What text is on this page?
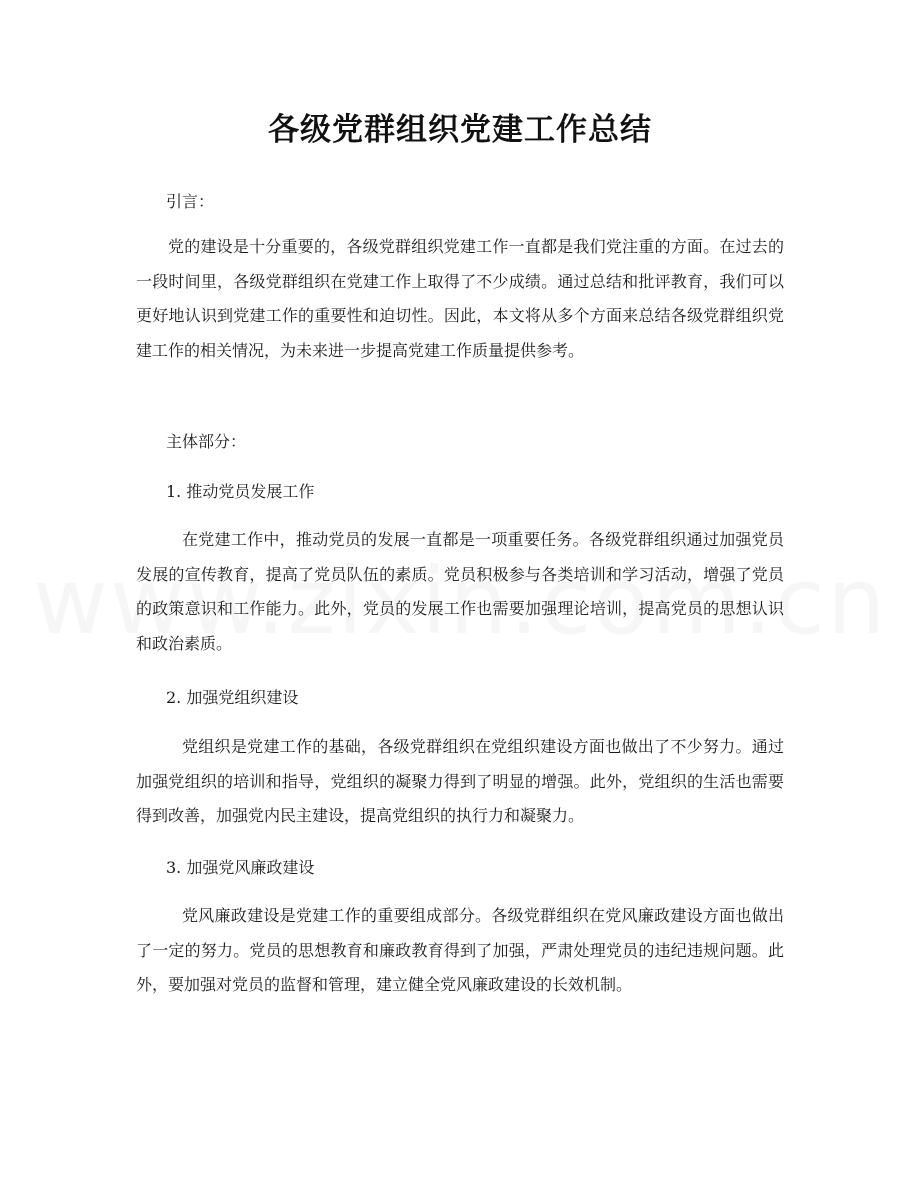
各级党群组织党建工作总结

引言：

党的建设是十分重要的，各级党群组织党建工作一直都是我们党注重的方面。在过去的一段时间里，各级党群组织在党建工作上取得了不少成绩。通过总结和批评教育，我们可以更好地认识到党建工作的重要性和迫切性。因此，本文将从多个方面来总结各级党群组织党建工作的相关情况，为未来进一步提高党建工作质量提供参考。

主体部分：

1. 推动党员发展工作

在党建工作中，推动党员的发展一直都是一项重要任务。各级党群组织通过加强党员发展的宣传教育，提高了党员队伍的素质。党员积极参与各类培训和学习活动，增强了党员的政策意识和工作能力。此外，党员的发展工作也需要加强理论培训，提高党员的思想认识和政治素质。

2. 加强党组织建设

党组织是党建工作的基础，各级党群组织在党组织建设方面也做出了不少努力。通过加强党组织的培训和指导，党组织的凝聚力得到了明显的增强。此外，党组织的生活也需要得到改善，加强党内民主建设，提高党组织的执行力和凝聚力。

3. 加强党风廉政建设

党风廉政建设是党建工作的重要组成部分。各级党群组织在党风廉政建设方面也做出了一定的努力。党员的思想教育和廉政教育得到了加强，严肃处理党员的违纪违规问题。此外，要加强对党员的监督和管理，建立健全党风廉政建设的长效机制。
